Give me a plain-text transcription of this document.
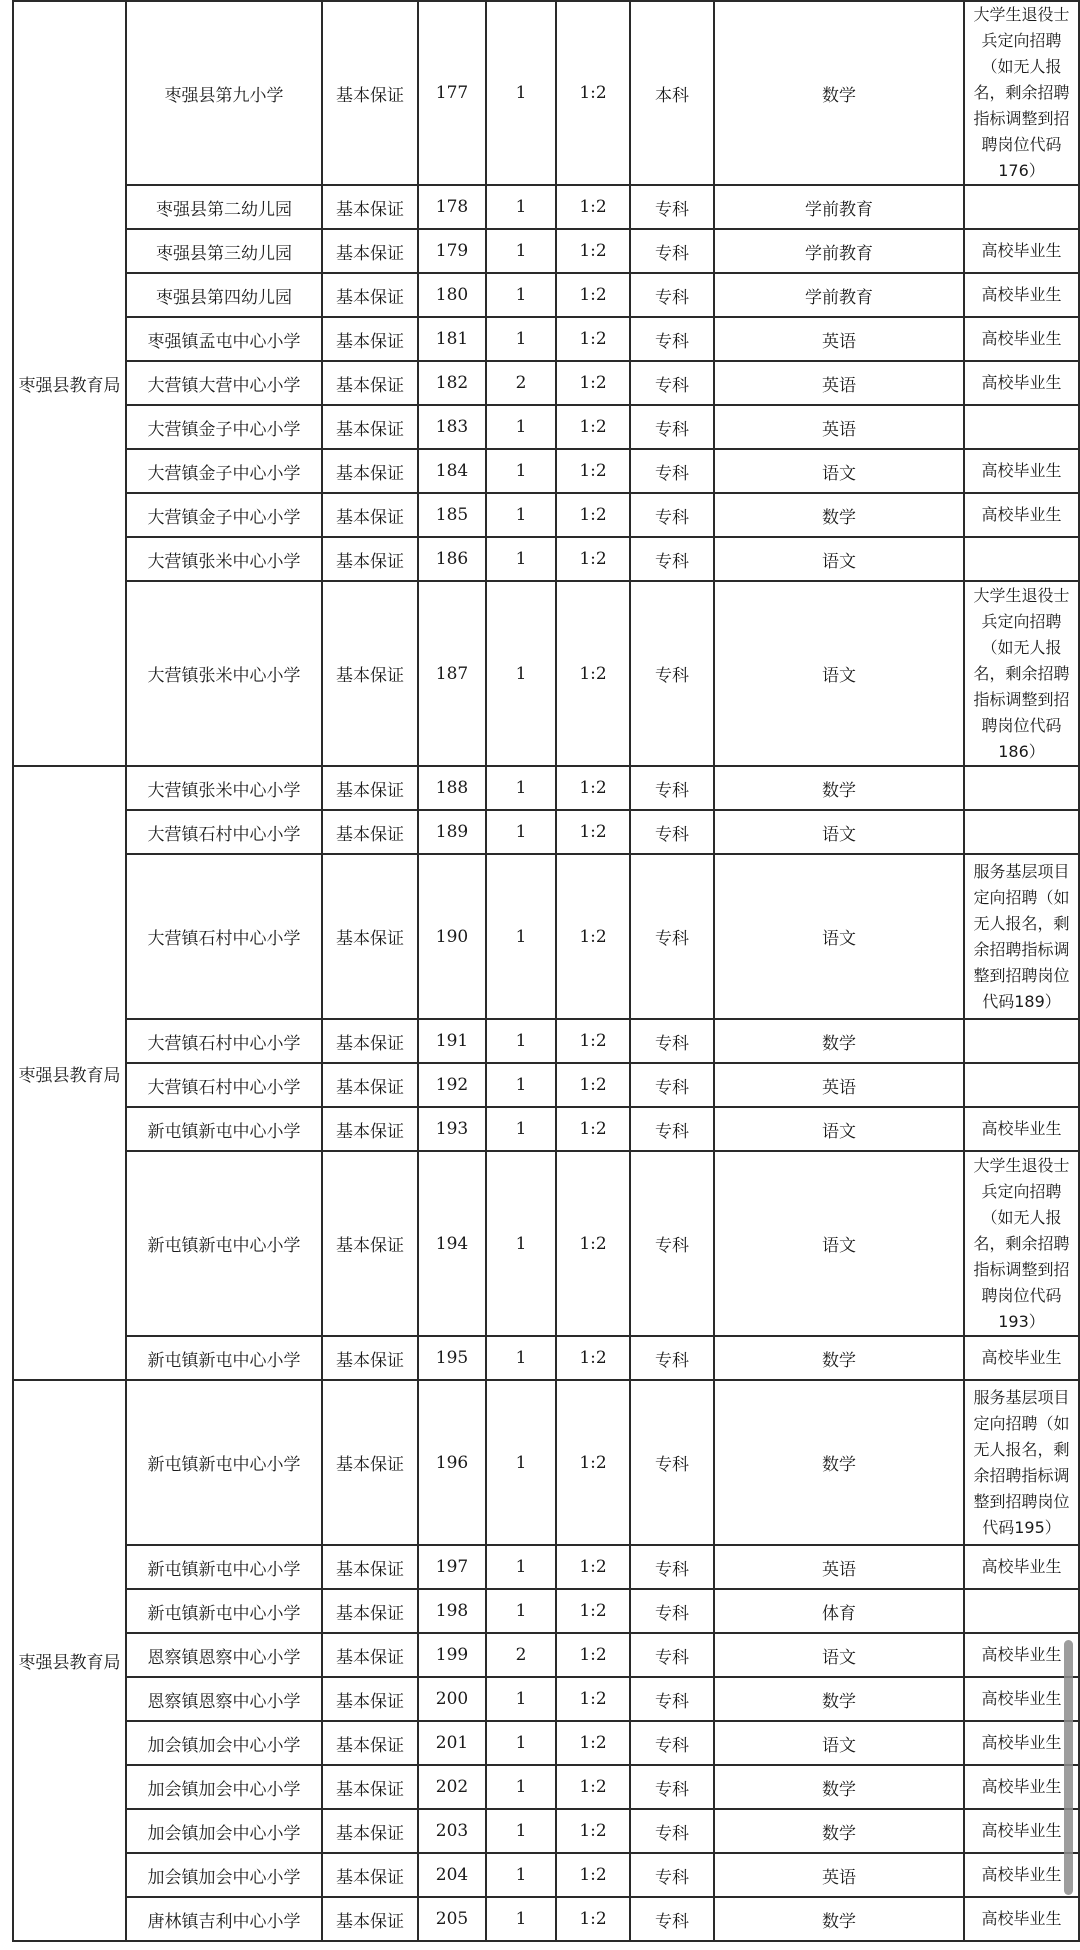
枣强县教育局	枣强县第九小学	基本保证	177	1	1:2	本科	数学	大学生退役士兵定向招聘（如无人报名，剩余招聘指标调整到招聘岗位代码176）
	枣强县第二幼儿园	基本保证	178	1	1:2	专科	学前教育	
	枣强县第三幼儿园	基本保证	179	1	1:2	专科	学前教育	高校毕业生
	枣强县第四幼儿园	基本保证	180	1	1:2	专科	学前教育	高校毕业生
	枣强镇孟屯中心小学	基本保证	181	1	1:2	专科	英语	高校毕业生
	大营镇大营中心小学	基本保证	182	2	1:2	专科	英语	高校毕业生
	大营镇金子中心小学	基本保证	183	1	1:2	专科	英语	
	大营镇金子中心小学	基本保证	184	1	1:2	专科	语文	高校毕业生
	大营镇金子中心小学	基本保证	185	1	1:2	专科	数学	高校毕业生
	大营镇张米中心小学	基本保证	186	1	1:2	专科	语文	
	大营镇张米中心小学	基本保证	187	1	1:2	专科	语文	大学生退役士兵定向招聘（如无人报名，剩余招聘指标调整到招聘岗位代码186）
枣强县教育局	大营镇张米中心小学	基本保证	188	1	1:2	专科	数学	
	大营镇石村中心小学	基本保证	189	1	1:2	专科	语文	
	大营镇石村中心小学	基本保证	190	1	1:2	专科	语文	服务基层项目定向招聘（如无人报名，剩余招聘指标调整到招聘岗位代码189）
	大营镇石村中心小学	基本保证	191	1	1:2	专科	数学	
	大营镇石村中心小学	基本保证	192	1	1:2	专科	英语	
	新屯镇新屯中心小学	基本保证	193	1	1:2	专科	语文	高校毕业生
	新屯镇新屯中心小学	基本保证	194	1	1:2	专科	语文	大学生退役士兵定向招聘（如无人报名，剩余招聘指标调整到招聘岗位代码193）
	新屯镇新屯中心小学	基本保证	195	1	1:2	专科	数学	高校毕业生
枣强县教育局	新屯镇新屯中心小学	基本保证	196	1	1:2	专科	数学	服务基层项目定向招聘（如无人报名，剩余招聘指标调整到招聘岗位代码195）
	新屯镇新屯中心小学	基本保证	197	1	1:2	专科	英语	高校毕业生
	新屯镇新屯中心小学	基本保证	198	1	1:2	专科	体育	
	恩察镇恩察中心小学	基本保证	199	2	1:2	专科	语文	高校毕业生
	恩察镇恩察中心小学	基本保证	200	1	1:2	专科	数学	高校毕业生
	加会镇加会中心小学	基本保证	201	1	1:2	专科	语文	高校毕业生
	加会镇加会中心小学	基本保证	202	1	1:2	专科	数学	高校毕业生
	加会镇加会中心小学	基本保证	203	1	1:2	专科	数学	高校毕业生
	加会镇加会中心小学	基本保证	204	1	1:2	专科	英语	高校毕业生
	唐林镇吉利中心小学	基本保证	205	1	1:2	专科	数学	高校毕业生
